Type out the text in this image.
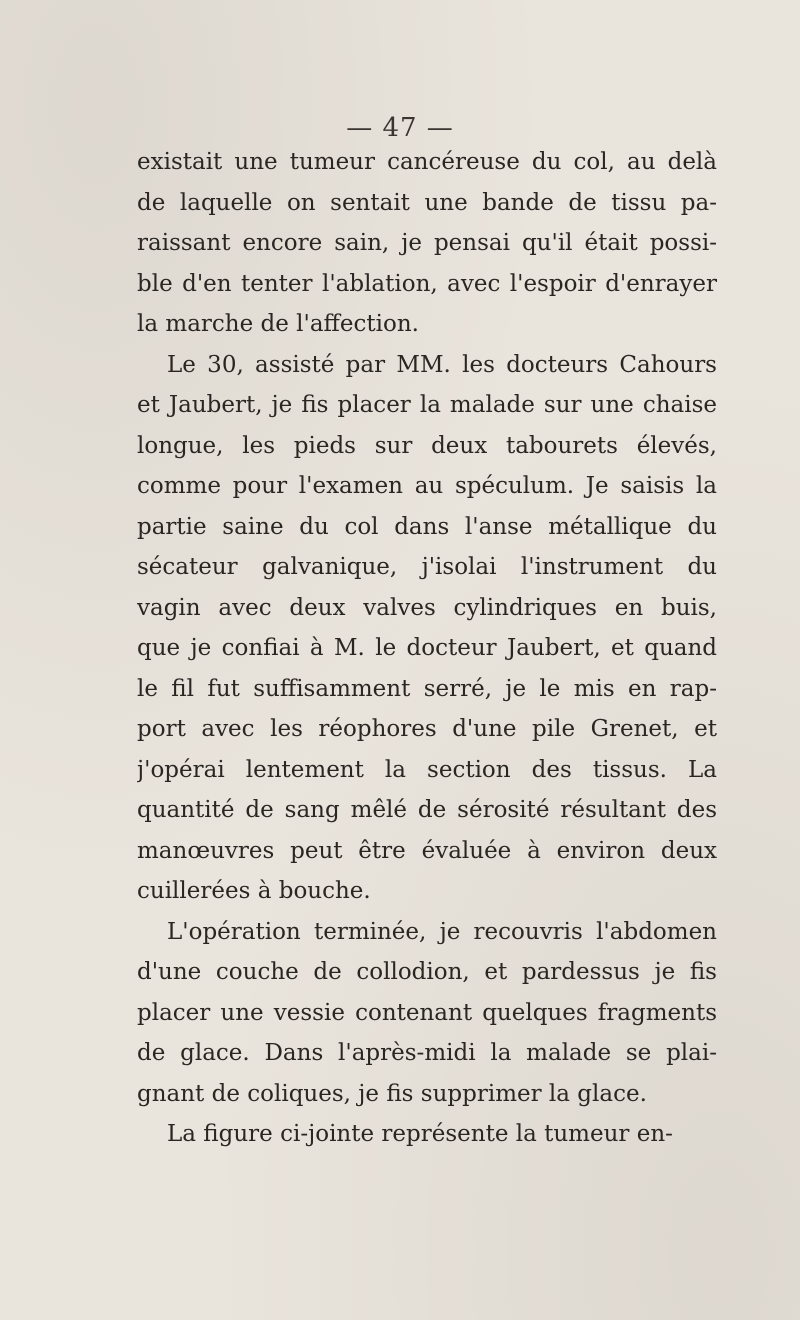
— 47 —
existait une tumeur cancéreuse du col, au delà
de laquelle on sentait une bande de tissu pa-
raissant encore sain, je pensai qu'il était possi-
ble d'en tenter l'ablation, avec l'espoir d'enrayer
la marche de l'affection.
Le 30, assisté par MM. les docteurs Cahours
et Jaubert, je fis placer la malade sur une chaise
longue, les pieds sur deux tabourets élevés,
comme pour l'examen au spéculum. Je saisis la
partie saine du col dans l'anse métallique du
sécateur galvanique, j'isolai l'instrument du
vagin avec deux valves cylindriques en buis,
que je confiai à M. le docteur Jaubert, et quand
le fil fut suffisamment serré, je le mis en rap-
port avec les réophores d'une pile Grenet, et
j'opérai lentement la section des tissus. La
quantité de sang mêlé de sérosité résultant des
manœuvres peut être évaluée à environ deux
cuillerées à bouche.
L'opération terminée, je recouvris l'abdomen
d'une couche de collodion, et pardessus je fis
placer une vessie contenant quelques fragments
de glace. Dans l'après-midi la malade se plai-
gnant de coliques, je fis supprimer la glace.
La figure ci-jointe représente la tumeur en-
